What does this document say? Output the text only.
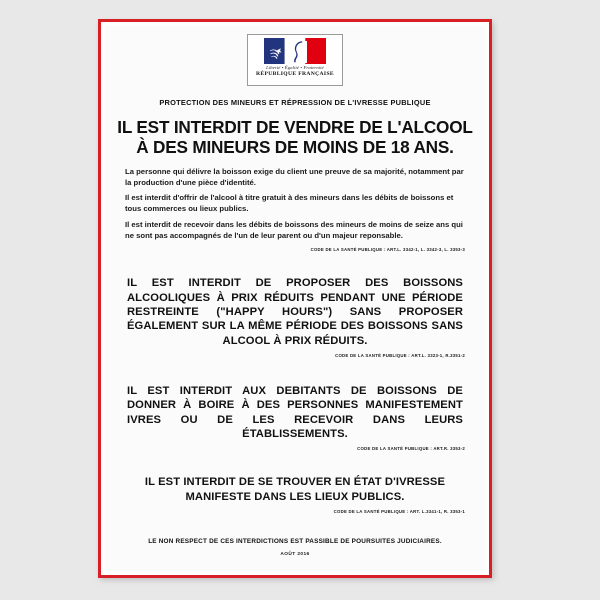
Liberté • Égalité • Fraternité
RÉPUBLIQUE FRANÇAISE
PROTECTION DES MINEURS ET RÉPRESSION DE L'IVRESSE PUBLIQUE
IL EST INTERDIT DE VENDRE DE L'ALCOOL
À DES MINEURS DE MOINS DE 18 ANS.

La personne qui délivre la boisson exige du client une preuve de sa majorité, notamment par la production d'une pièce d'identité.

Il est interdit d'offrir de l'alcool à titre gratuit à des mineurs dans les débits de boissons et tous commerces ou lieux publics.

Il est interdit de recevoir dans les débits de boissons des mineurs de moins de seize ans qui ne sont pas accompagnés de l'un de leur parent ou d'un majeur reponsable.

CODE DE LA SANTÉ PUBLIQUE : ART.L. 3342-1, L. 3342-3, L. 3353-3
IL EST INTERDIT DE PROPOSER DES BOISSONS ALCOOLIQUES À PRIX RÉDUITS PENDANT UNE PÉRIODE RESTREINTE ("HAPPY HOURS") SANS PROPOSER ÉGALEMENT SUR LA MÊME PÉRIODE DES BOISSONS SANS ALCOOL À PRIX RÉDUITS.
CODE DE LA SANTÉ PUBLIQUE : ART.L. 3323-1, R.3351-2
IL EST INTERDIT AUX DEBITANTS DE BOISSONS DE DONNER À BOIRE À DES PERSONNES MANIFESTEMENT IVRES OU DE LES RECEVOIR DANS LEURS ÉTABLISSEMENTS.
CODE DE LA SANTÉ PUBLIQUE : ART.R. 3353-2
IL EST INTERDIT DE SE TROUVER EN ÉTAT D'IVRESSE MANIFESTE DANS LES LIEUX PUBLICS.
CODE DE LA SANTÉ PUBLIQUE : ART. L.3341-1, R. 3353-1
LE NON RESPECT DE CES INTERDICTIONS EST PASSIBLE DE POURSUITES JUDICIAIRES.
AOÛT 2016
